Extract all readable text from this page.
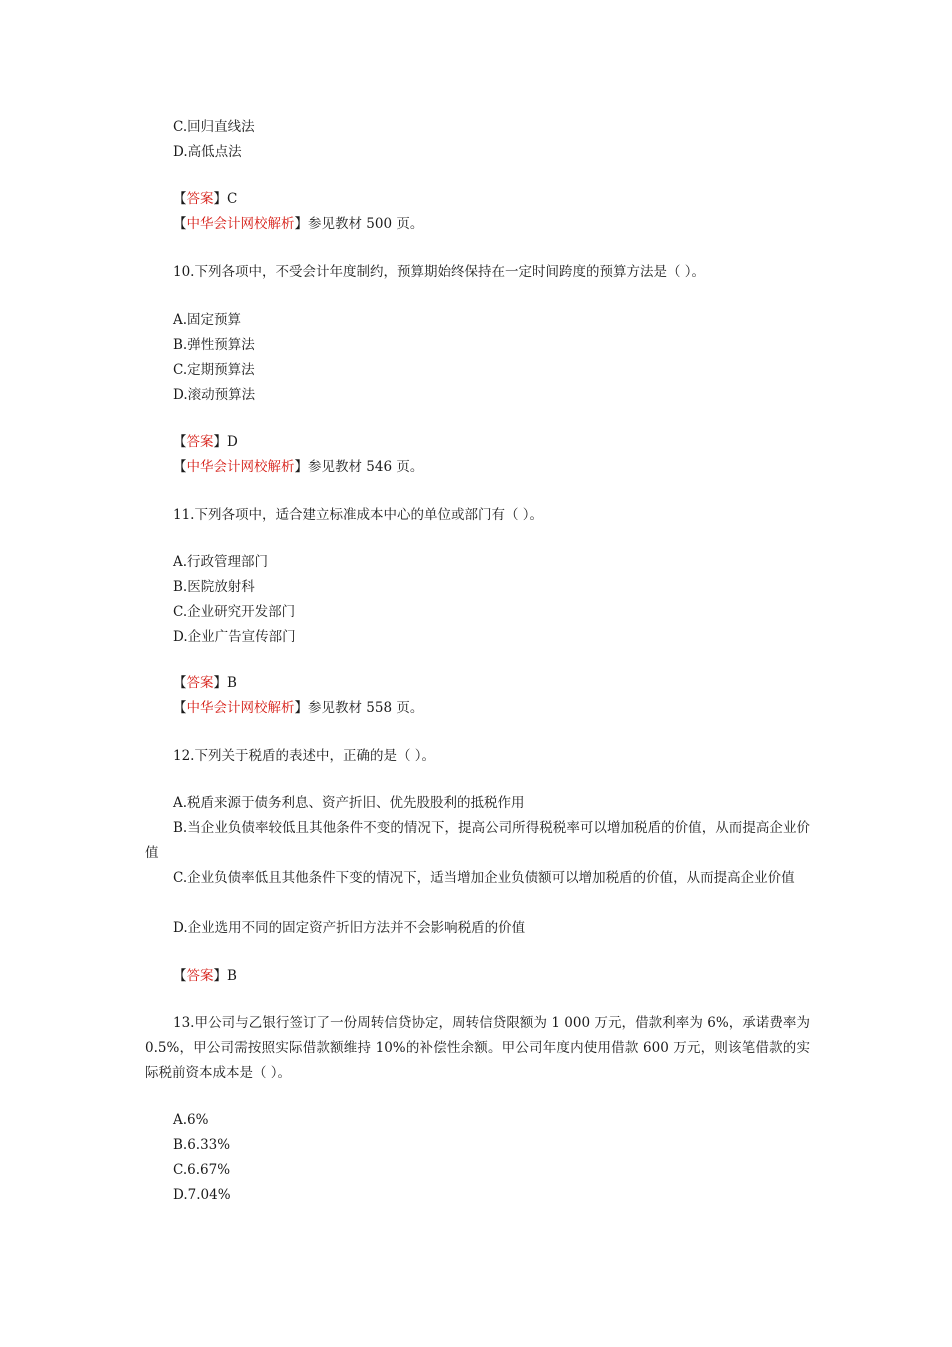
C.回归直线法
D.高低点法
【答案】C
【中华会计网校解析】参见教材 500 页。
10.下列各项中，不受会计年度制约，预算期始终保持在一定时间跨度的预算方法是（ ）。
A.固定预算
B.弹性预算法
C.定期预算法
D.滚动预算法
【答案】D
【中华会计网校解析】参见教材 546 页。
11.下列各项中，适合建立标准成本中心的单位或部门有（ ）。
A.行政管理部门
B.医院放射科
C.企业研究开发部门
D.企业广告宣传部门
【答案】B
【中华会计网校解析】参见教材 558 页。
12.下列关于税盾的表述中，正确的是（ ）。
A.税盾来源于债务利息、资产折旧、优先股股利的抵税作用
B.当企业负债率较低且其他条件不变的情况下，提高公司所得税税率可以增加税盾的价值，从而提高企业价值
C.企业负债率低且其他条件下变的情况下，适当增加企业负债额可以增加税盾的价值，从而提高企业价值
D.企业选用不同的固定资产折旧方法并不会影响税盾的价值
【答案】B
13.甲公司与乙银行签订了一份周转信贷协定，周转信贷限额为 1 000 万元，借款利率为 6%，承诺费率为 0.5%，甲公司需按照实际借款额维持 10%的补偿性余额。甲公司年度内使用借款 600 万元，则该笔借款的实际税前资本成本是（ ）。
A.6%
B.6.33%
C.6.67%
D.7.04%
